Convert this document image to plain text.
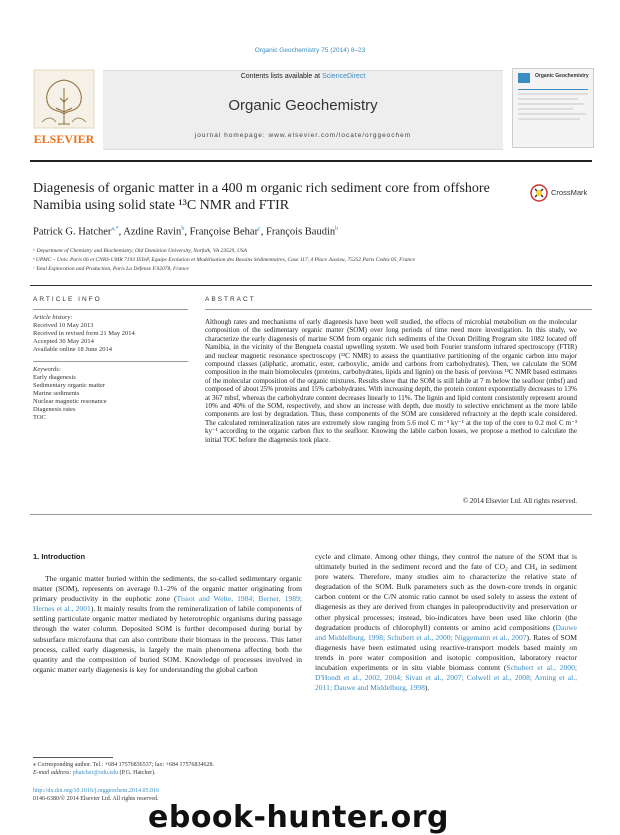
Organic Geochemistry 75 (2014) 8–23
ELSEVIER
Contents lists available at ScienceDirect
Organic Geochemistry
journal homepage: www.elsevier.com/locate/orggeochem
Organic Geochemistry
Diagenesis of organic matter in a 400 m organic rich sediment core from offshore Namibia using solid state ¹³C NMR and FTIR
CrossMark
Patrick G. Hatcher$^{a,*}$, Azdine Ravin$^b$, Françoise Behar$^c$, François Baudin$^b$
ᵃ Department of Chemistry and Biochemistry, Old Dominion University, Norfolk, VA 23529, USA
ᵇ UPMC – Univ. Paris 06 et CNRS-UMR 7193 ISTeP, Equipe Evolution et Modélisation des Bassins Sédimentaires, Case 117, 4 Place Jussieu, 75252 Paris Cedex 05, France
ᶜ Total Exploration and Production, Paris La Défense F.92078, France
ARTICLE INFO
Article history:
Received 10 May 2013
Received in revised form 21 May 2014
Accepted 30 May 2014
Available online 18 June 2014
Keywords:
Early diagenesis
Sedimentary organic matter
Marine sediments
Nuclear magnetic resonance
Diagenesis rates
TOC
ABSTRACT
Although rates and mechanisms of early diagenesis have been well studied, the effects of microbial metabolism on the molecular composition of the sedimentary organic matter (SOM) over long periods of time need more investigation. In this study, we characterize the early diagenesis of marine SOM from organic rich sediments of the Ocean Drilling Program site 1082 located off Namibia, in the vicinity of the Benguela coastal upwelling system. We used both Fourier transform infrared spectroscopy (FTIR) and nuclear magnetic resonance spectroscopy (¹³C NMR) to assess the quantitative partitioning of the organic carbon into major compound classes (aliphatic, aromatic, ester, carboxylic, amide and carbons from carbohydrates). Then, we calculate the SOM composition in the main biomolecules (proteins, carbohydrates, lipids and lignin) on the basis of previous ¹³C NMR based estimates of the molecular composition of the organic mixtures. Results show that the SOM is still labile at 7 m below the seafloor (mbsf) and composed of about 25% proteins and 15% carbohydrates. With increasing depth, the protein content exponentially decreases to 13% at 367 mbsf, whereas the carbohydrate content decreases linearly to 11%. The lignin and lipid content consistently represent around 10% and 40% of the SOM, respectively, and show an increase with depth, due mostly to selective enrichment as the more labile components are lost by degradation. Thus, these components of the SOM are considered refractory at the depth scale considered. The calculated remineralization rates are extremely slow ranging from 5.6 mol C m⁻³ ky⁻¹ at the top of the core to 0.2 mol C m⁻³ ky⁻¹ according to the organic carbon flux to the seafloor. Knowing the labile carbon losses, we propose a method to calculate the initial TOC before the diagenesis took place.
© 2014 Elsevier Ltd. All rights reserved.
1. Introduction
The organic matter buried within the sediments, the so-called sedimentary organic matter (SOM), represents on average 0.1–2% of the organic matter originating from primary productivity in the euphotic zone (Tissot and Welte, 1984; Berner, 1989; Hernes et al., 2001). It mainly results from the remineralization of labile components of settling particulate organic matter mediated by heterotrophic organisms during passage through the water column. Deposited SOM is further decomposed during burial by subsurface microfauna that can also contribute their biomass in the process. This latter process, called early diagenesis, is largely the main phenomena affecting both the quantity and the composition of buried SOM. Knowledge of processes involved in organic matter early diagenesis is key for understanding the global carbon
cycle and climate. Among other things, they control the nature of the SOM that is ultimately buried in the sediment record and the fate of CO₂ and CH₄ in sediment pore waters. Therefore, many studies aim to characterize the relative state of degradation of the SOM. Bulk parameters such as the down-core trends in organic carbon content or the C/N atomic ratio cannot be used solely to assess the extent of diagenesis as they are derived from changes in paleoproductivity and preservation or other physical processes; instead, bio-indicators have been used like chlorin (the degradation products of chlorophyll) contents or amino acid compositions (Dauwe and Middelburg, 1998; Schubert et al., 2000; Niggemann et al., 2007). Rates of SOM diagenesis have been estimated using reactive-transport models based mainly on trends in pore water composition and isotopic composition, laboratory reactor incubation experiments or in situ viable biomass content (Schubert et al., 2000; D'Hondt et al., 2002, 2004; Sivan et al., 2007; Colwell et al., 2008; Arning et al., 2011; Dauwe and Middelburg, 1998).
⁎ Corresponding author. Tel.: +684 17576836537; fax: +684 17576834628.
E-mail address: phatcher@odu.edu (P.G. Hatcher).
http://dx.doi.org/10.1016/j.orggeochem.2014.05.016
0146-6380/© 2014 Elsevier Ltd. All rights reserved.
ebook-hunter.org
